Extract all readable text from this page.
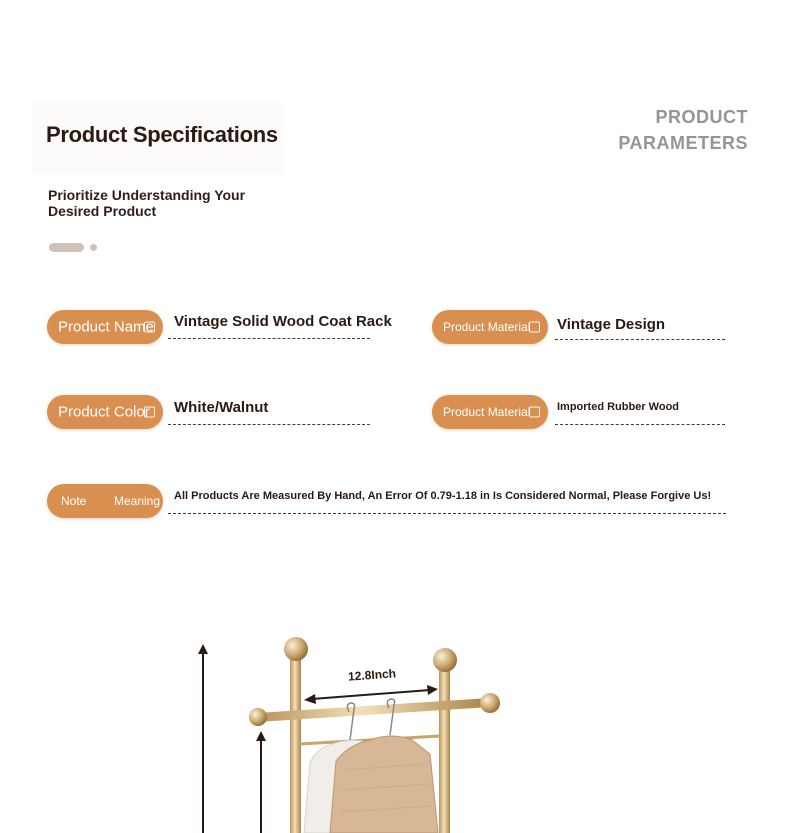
Product Specifications
Prioritize Understanding Your
Desired Product
PRODUCT
PARAMETERS
Product Name Vintage Solid Wood Coat Rack	Product Material Vintage Design
Product Color White/Walnut	Product Material Imported Rubber Wood
Note Meaning All Products Are Measured By Hand, An Error Of 0.79-1.18 in Is Considered Normal, Please Forgive Us!
12.8Inch
